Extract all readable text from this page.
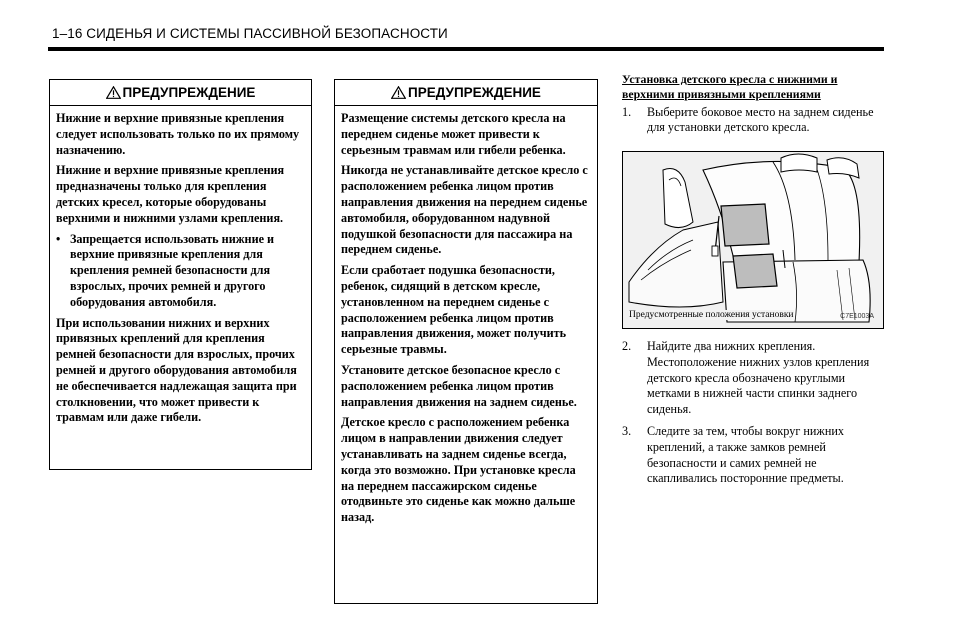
1–16 СИДЕНЬЯ И СИСТЕМЫ ПАССИВНОЙ БЕЗОПАСНОСТИ
ПРЕДУПРЕЖДЕНИЕ

Нижние и верхние привязные крепления следует использовать только по их прямому назначению.

Нижние и верхние привязные крепления предназначены только для крепления детских кресел, которые оборудованы верхними и нижними узлами крепления.

• Запрещается использовать нижние и верхние привязные крепления для крепления ремней безопасности для взрослых, прочих ремней и другого оборудования автомобиля.

При использовании нижних и верхних привязных креплений для крепления ремней безопасности для взрослых, прочих ремней и другого оборудования автомобиля не обеспечивается надлежащая защита при столкновении, что может привести к травмам или даже гибели.

ПРЕДУПРЕЖДЕНИЕ

Размещение системы детского кресла на переднем сиденье может привести к серьезным травмам или гибели ребенка.

Никогда не устанавливайте детское кресло с расположением ребенка лицом против направления движения на переднем сиденье автомобиля, оборудованном надувной подушкой безопасности для пассажира на переднем сиденье.

Если сработает подушка безопасности, ребенок, сидящий в детском кресле, установленном на переднем сиденье с расположением ребенка лицом против направления движения, может получить серьезные травмы.

Установите детское безопасное кресло с расположением ребенка лицом против направления движения на заднем сиденье.

Детское кресло с расположением ребенка лицом в направлении движения следует устанавливать на заднем сиденье всегда, когда это возможно. При установке кресла на переднем пассажирском сиденье отодвиньте это сиденье как можно дальше назад.

Установка детского кресла с нижними и верхними привязными креплениями
1.	Выберите боковое место на заднем сиденье для установки детского кресла.
Предусмотренные положения установки	C7E1003A
2.	Найдите два нижних крепления. Местоположение нижних узлов крепления детского кресла обозначено круглыми метками в нижней части спинки заднего сиденья.
3.	Следите за тем, чтобы вокруг нижних креплений, а также замков ремней безопасности и самих ремней не скапливались посторонние предметы.
